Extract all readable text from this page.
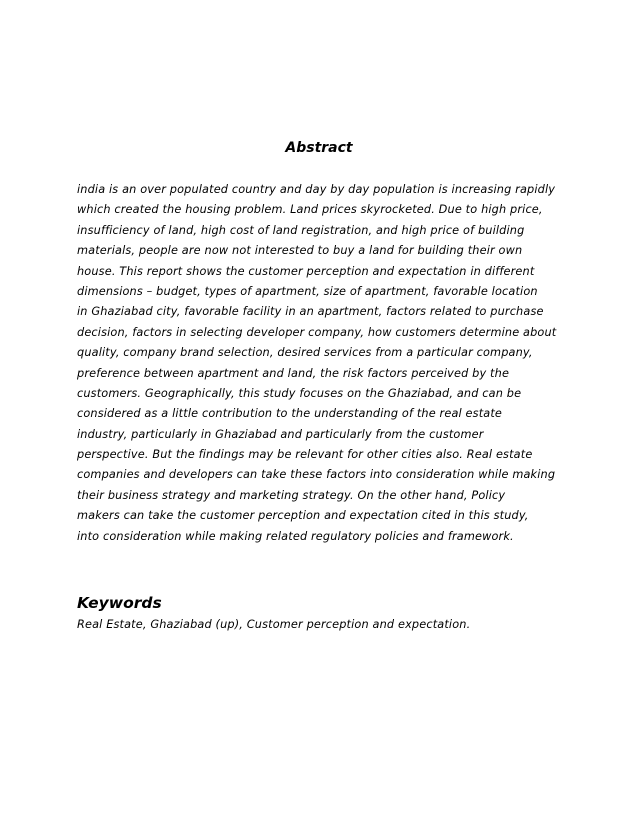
Abstract
india is an over populated country and day by day population is increasing rapidly
which created the housing problem. Land prices skyrocketed. Due to high price,
insufficiency of land, high cost of land registration, and high price of building
materials, people are now not interested to buy a land for building their own
house. This report shows the customer perception and expectation in different
dimensions – budget, types of apartment, size of apartment, favorable location
in Ghaziabad city, favorable facility in an apartment, factors related to purchase
decision, factors in selecting developer company, how customers determine about
quality, company brand selection, desired services from a particular company,
preference between apartment and land, the risk factors perceived by the
customers. Geographically, this study focuses on the Ghaziabad, and can be
considered as a little contribution to the understanding of the real estate
industry, particularly in Ghaziabad and particularly from the customer
perspective. But the findings may be relevant for other cities also. Real estate
companies and developers can take these factors into consideration while making
their business strategy and marketing strategy. On the other hand, Policy
makers can take the customer perception and expectation cited in this study,
into consideration while making related regulatory policies and framework.
Keywords

Real Estate, Ghaziabad (up), Customer perception and expectation.
